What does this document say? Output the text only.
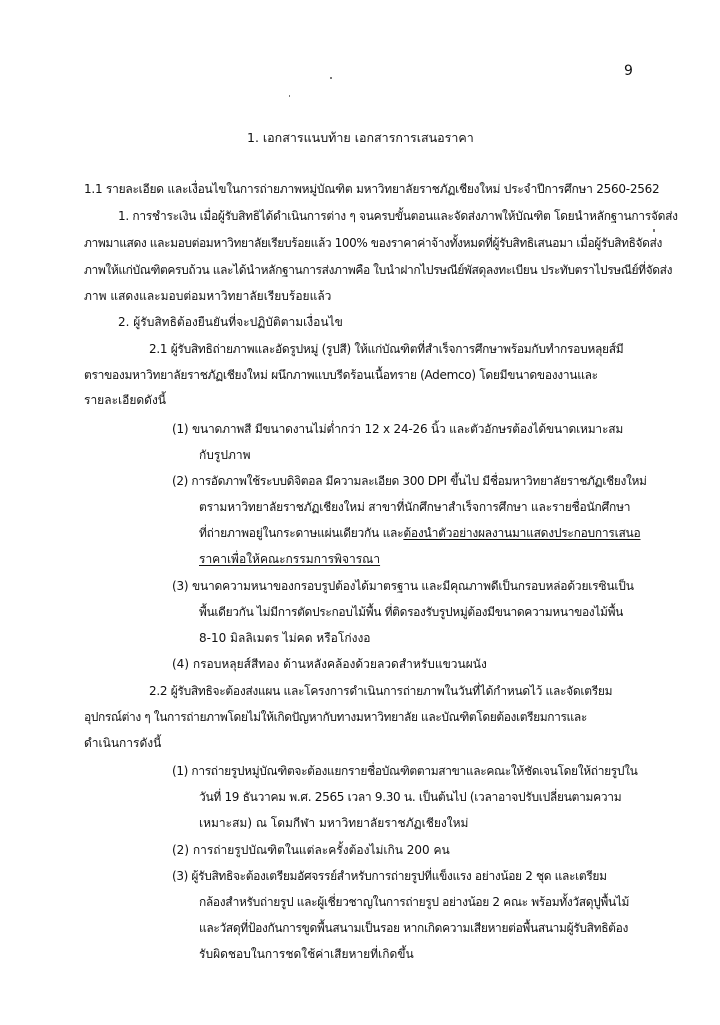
9

1. เอกสารแนบท้าย เอกสารการเสนอราคา

1.1 รายละเอียด และเงื่อนไขในการถ่ายภาพหมู่บัณฑิต มหาวิทยาลัยราชภัฏเชียงใหม่ ประจำปีการศึกษา 2560-2562

1. การชำระเงิน เมื่อผู้รับสิทธิได้ดำเนินการต่าง ๆ จนครบขั้นตอนและจัดส่งภาพให้บัณฑิต โดยนำหลักฐานการจัดส่ง

ภาพมาแสดง และมอบต่อมหาวิทยาลัยเรียบร้อยแล้ว 100% ของราคาค่าจ้างทั้งหมดที่ผู้รับสิทธิเสนอมา เมื่อผู้รับสิทธิจัดส่ง

ภาพให้แก่บัณฑิตครบถ้วน และได้นำหลักฐานการส่งภาพคือ ใบนำฝากไปรษณีย์พัสดุลงทะเบียน ประทับตราไปรษณีย์ที่จัดส่ง

ภาพ แสดงและมอบต่อมหาวิทยาลัยเรียบร้อยแล้ว

2. ผู้รับสิทธิต้องยืนยันที่จะปฏิบัติตามเงื่อนไข

2.1 ผู้รับสิทธิถ่ายภาพและอัดรูปหมู่ (รูปสี) ให้แก่บัณฑิตที่สำเร็จการศึกษาพร้อมกับทำกรอบหลุยส์มี

ตราของมหาวิทยาลัยราชภัฏเชียงใหม่ ผนึกภาพแบบรีดร้อนเนื้อทราย (Ademco) โดยมีขนาดของงานและ

รายละเอียดดังนี้

(1) ขนาดภาพสี มีขนาดงานไม่ต่ำกว่า 12 x 24-26 นิ้ว และตัวอักษรต้องได้ขนาดเหมาะสม

กับรูปภาพ

(2) การอัดภาพใช้ระบบดิจิตอล มีความละเอียด 300 DPI ขึ้นไป มีชื่อมหาวิทยาลัยราชภัฏเชียงใหม่

ตรามหาวิทยาลัยราชภัฏเชียงใหม่ สาขาที่นักศึกษาสำเร็จการศึกษา และรายชื่อนักศึกษา

ที่ถ่ายภาพอยู่ในกระดาษแผ่นเดียวกัน และต้องนำตัวอย่างผลงานมาแสดงประกอบการเสนอ

ราคาเพื่อให้คณะกรรมการพิจารณา

(3) ขนาดความหนาของกรอบรูปต้องได้มาตรฐาน และมีคุณภาพดีเป็นกรอบหล่อด้วยเรซินเป็น

พื้นเดียวกัน ไม่มีการตัดประกอบไม้พื้น ที่ติดรองรับรูปหมู่ต้องมีขนาดความหนาของไม้พื้น

8-10 มิลลิเมตร ไม่คด หรือโก่งงอ

(4) กรอบหลุยส์สีทอง ด้านหลังคล้องด้วยลวดสำหรับแขวนผนัง

2.2 ผู้รับสิทธิจะต้องส่งแผน และโครงการดำเนินการถ่ายภาพในวันที่ได้กำหนดไว้ และจัดเตรียม

อุปกรณ์ต่าง ๆ ในการถ่ายภาพโดยไม่ให้เกิดปัญหากับทางมหาวิทยาลัย และบัณฑิตโดยต้องเตรียมการและ

ดำเนินการดังนี้

(1) การถ่ายรูปหมู่บัณฑิตจะต้องแยกรายชื่อบัณฑิตตามสาขาและคณะให้ชัดเจนโดยให้ถ่ายรูปใน

วันที่ 19 ธันวาคม พ.ศ. 2565 เวลา 9.30 น. เป็นต้นไป (เวลาอาจปรับเปลี่ยนตามความ

เหมาะสม) ณ โดมกีฬา มหาวิทยาลัยราชภัฏเชียงใหม่

(2) การถ่ายรูปบัณฑิตในแต่ละครั้งต้องไม่เกิน 200 คน

(3) ผู้รับสิทธิจะต้องเตรียมอัศจรรย์สำหรับการถ่ายรูปที่แข็งแรง อย่างน้อย 2 ชุด และเตรียม

กล้องสำหรับถ่ายรูป และผู้เชี่ยวชาญในการถ่ายรูป อย่างน้อย 2 คณะ พร้อมทั้งวัสดุปูพื้นไม้

และวัสดุที่ป้องกันการขูดพื้นสนามเป็นรอย หากเกิดความเสียหายต่อพื้นสนามผู้รับสิทธิต้อง

รับผิดชอบในการชดใช้ค่าเสียหายที่เกิดขึ้น
